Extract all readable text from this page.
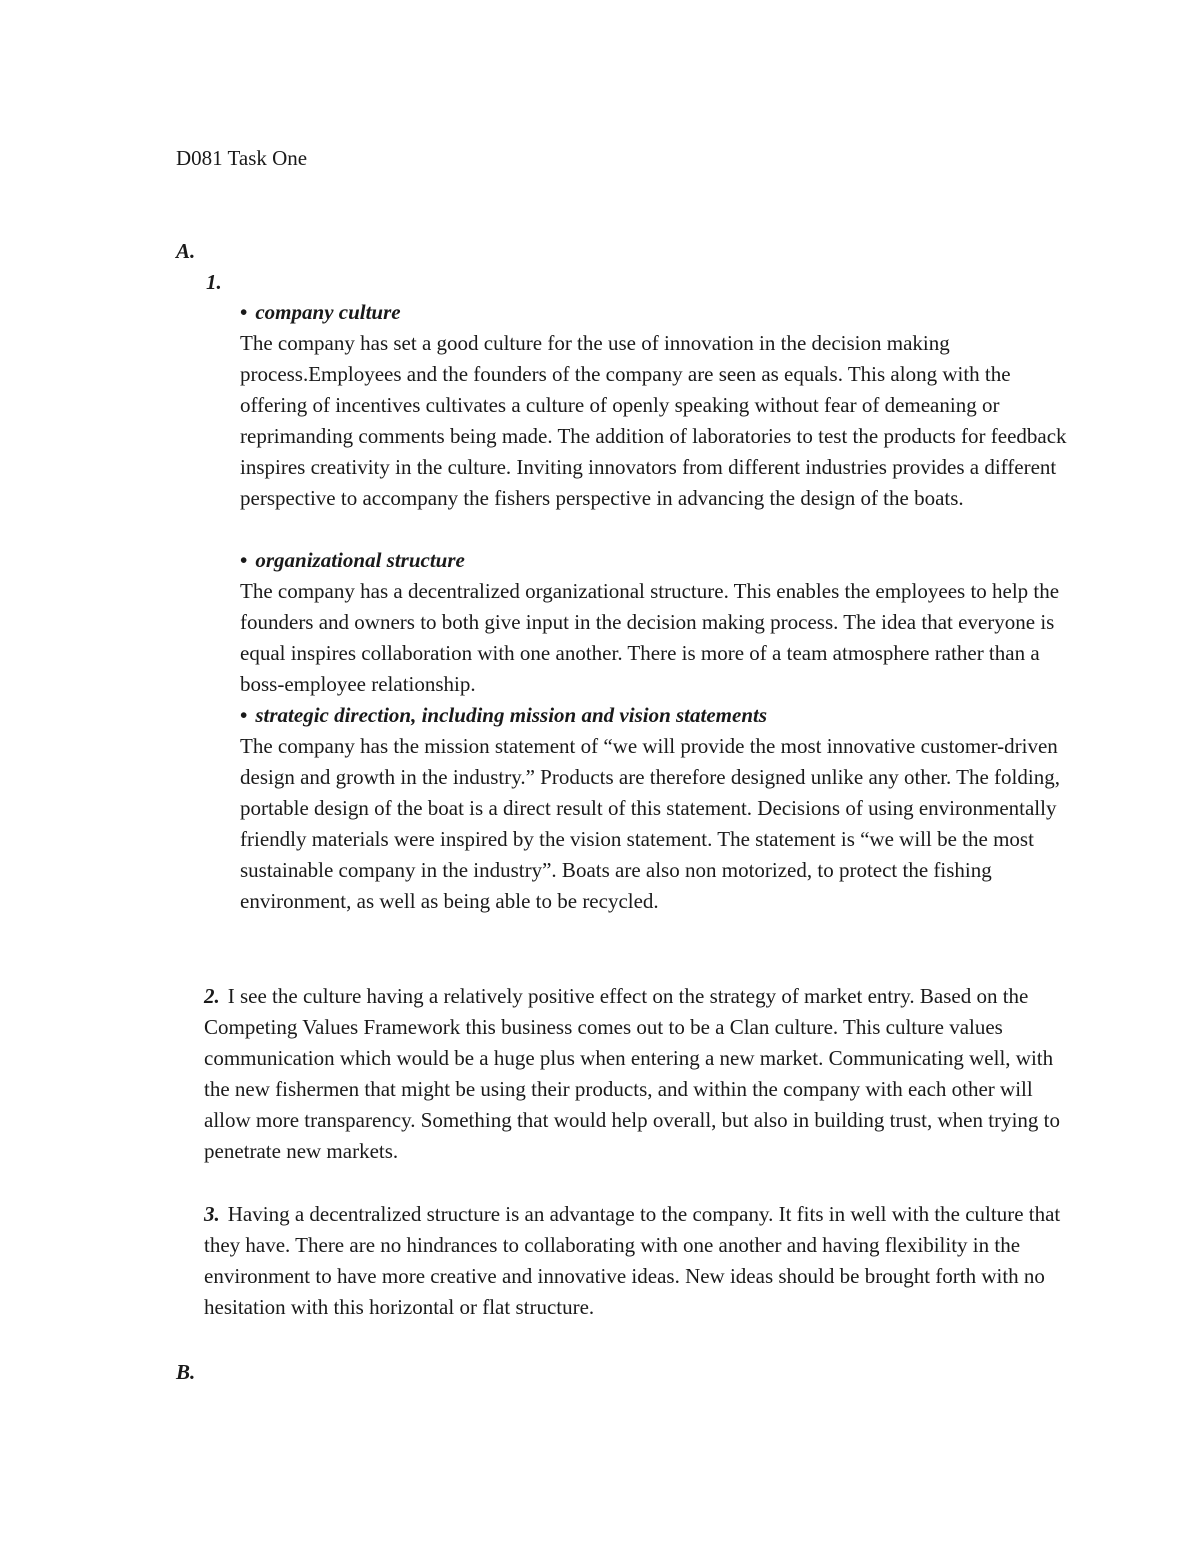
D081 Task One
A.
1.

• company culture

The company has set a good culture for the use of innovation in the decision making process.Employees and the founders of the company are seen as equals. This along with the offering of incentives cultivates a culture of openly speaking without fear of demeaning or reprimanding comments being made. The addition of laboratories to test the products for feedback inspires creativity in the culture. Inviting innovators from different industries provides a different perspective to accompany the fishers perspective in advancing the design of the boats.

• organizational structure

The company has a decentralized organizational structure. This enables the employees to help the founders and owners to both give input in the decision making process. The idea that everyone is equal inspires collaboration with one another. There is more of a team atmosphere rather than a boss-employee relationship.

• strategic direction, including mission and vision statements

The company has the mission statement of “we will provide the most innovative customer-driven design and growth in the industry.” Products are therefore designed unlike any other. The folding, portable design of the boat is a direct result of this statement. Decisions of using environmentally friendly materials were inspired by the vision statement. The statement is “we will be the most sustainable company in the industry”. Boats are also non motorized, to protect the fishing environment, as well as being able to be recycled.

2. I see the culture having a relatively positive effect on the strategy of market entry. Based on the Competing Values Framework this business comes out to be a Clan culture. This culture values communication which would be a huge plus when entering a new market. Communicating well, with the new fishermen that might be using their products, and within the company with each other will allow more transparency. Something that would help overall, but also in building trust, when trying to penetrate new markets.

3. Having a decentralized structure is an advantage to the company. It fits in well with the culture that they have. There are no hindrances to collaborating with one another and having flexibility in the environment to have more creative and innovative ideas. New ideas should be brought forth with no hesitation with this horizontal or flat structure.

B.
